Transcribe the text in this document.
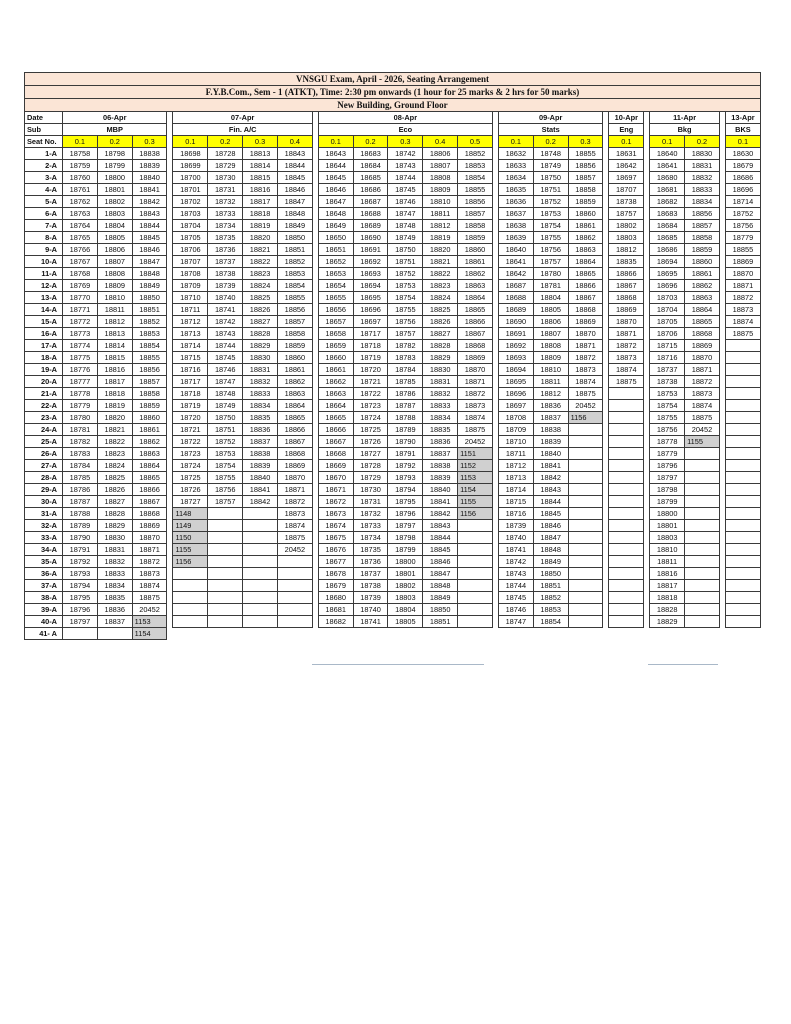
VNSGU Exam, April - 2026, Seating Arrangement																									
F.Y.B.Com., Sem - 1 (ATKT), Time: 2:30 pm onwards (1 hour for 25 marks & 2 hrs for 50 marks)																									
New Building, Ground Floor																									
Date	06-Apr				07-Apr					08-Apr						09-Apr				10-Apr		11-Apr			13-Apr
Sub	MBP				Fin. A/C					Eco						Stats				Eng		Bkg			BKS
Seat No.	0.1	0.2	0.3		0.1	0.2	0.3	0.4		0.1	0.2	0.3	0.4	0.5		0.1	0.2	0.3		0.1		0.1	0.2		0.1
1-A	18758	18798	18838		18698	18728	18813	18843		18643	18683	18742	18806	18852		18632	18748	18855		18631		18640	18830		18630
2-A	18759	18799	18839		18699	18729	18814	18844		18644	18684	18743	18807	18853		18633	18749	18856		18642		18641	18831		18679
3-A	18760	18800	18840		18700	18730	18815	18845		18645	18685	18744	18808	18854		18634	18750	18857		18697		18680	18832		18686
4-A	18761	18801	18841		18701	18731	18816	18846		18646	18686	18745	18809	18855		18635	18751	18858		18707		18681	18833		18696
5-A	18762	18802	18842		18702	18732	18817	18847		18647	18687	18746	18810	18856		18636	18752	18859		18738		18682	18834		18714
6-A	18763	18803	18843		18703	18733	18818	18848		18648	18688	18747	18811	18857		18637	18753	18860		18757		18683	18856		18752
7-A	18764	18804	18844		18704	18734	18819	18849		18649	18689	18748	18812	18858		18638	18754	18861		18802		18684	18857		18756
8-A	18765	18805	18845		18705	18735	18820	18850		18650	18690	18749	18819	18859		18639	18755	18862		18803		18685	18858		18779
9-A	18766	18806	18846		18706	18736	18821	18851		18651	18691	18750	18820	18860		18640	18756	18863		18812		18686	18859		18855
10-A	18767	18807	18847		18707	18737	18822	18852		18652	18692	18751	18821	18861		18641	18757	18864		18835		18694	18860		18869
11-A	18768	18808	18848		18708	18738	18823	18853		18653	18693	18752	18822	18862		18642	18780	18865		18866		18695	18861		18870
12-A	18769	18809	18849		18709	18739	18824	18854		18654	18694	18753	18823	18863		18687	18781	18866		18867		18696	18862		18871
13-A	18770	18810	18850		18710	18740	18825	18855		18655	18695	18754	18824	18864		18688	18804	18867		18868		18703	18863		18872
14-A	18771	18811	18851		18711	18741	18826	18856		18656	18696	18755	18825	18865		18689	18805	18868		18869		18704	18864		18873
15-A	18772	18812	18852		18712	18742	18827	18857		18657	18697	18756	18826	18866		18690	18806	18869		18870		18705	18865		18874
16-A	18773	18813	18853		18713	18743	18828	18858		18658	18717	18757	18827	18867		18691	18807	18870		18871		18706	18868		18875
17-A	18774	18814	18854		18714	18744	18829	18859		18659	18718	18782	18828	18868		18692	18808	18871		18872		18715	18869		
18-A	18775	18815	18855		18715	18745	18830	18860		18660	18719	18783	18829	18869		18693	18809	18872		18873		18716	18870		
19-A	18776	18816	18856		18716	18746	18831	18861		18661	18720	18784	18830	18870		18694	18810	18873		18874		18737	18871		
20-A	18777	18817	18857		18717	18747	18832	18862		18662	18721	18785	18831	18871		18695	18811	18874		18875		18738	18872		
21-A	18778	18818	18858		18718	18748	18833	18863		18663	18722	18786	18832	18872		18696	18812	18875				18753	18873		
22-A	18779	18819	18859		18719	18749	18834	18864		18664	18723	18787	18833	18873		18697	18836	20452				18754	18874		
23-A	18780	18820	18860		18720	18750	18835	18865		18665	18724	18788	18834	18874		18708	18837	1156				18755	18875		
24-A	18781	18821	18861		18721	18751	18836	18866		18666	18725	18789	18835	18875		18709	18838					18756	20452		
25-A	18782	18822	18862		18722	18752	18837	18867		18667	18726	18790	18836	20452		18710	18839					18778	1155		
26-A	18783	18823	18863		18723	18753	18838	18868		18668	18727	18791	18837	1151		18711	18840					18779			
27-A	18784	18824	18864		18724	18754	18839	18869		18669	18728	18792	18838	1152		18712	18841					18796			
28-A	18785	18825	18865		18725	18755	18840	18870		18670	18729	18793	18839	1153		18713	18842					18797			
29-A	18786	18826	18866		18726	18756	18841	18871		18671	18730	18794	18840	1154		18714	18843					18798			
30-A	18787	18827	18867		18727	18757	18842	18872		18672	18731	18795	18841	1155		18715	18844					18799			
31-A	18788	18828	18868		1148			18873		18673	18732	18796	18842	1156		18716	18845					18800			
32-A	18789	18829	18869		1149			18874		18674	18733	18797	18843			18739	18846					18801			
33-A	18790	18830	18870		1150			18875		18675	18734	18798	18844			18740	18847					18803			
34-A	18791	18831	18871		1155			20452		18676	18735	18799	18845			18741	18848					18810			
35-A	18792	18832	18872		1156					18677	18736	18800	18846			18742	18849					18811			
36-A	18793	18833	18873							18678	18737	18801	18847			18743	18850					18816			
37-A	18794	18834	18874							18679	18738	18802	18848			18744	18851					18817			
38-A	18795	18835	18875							18680	18739	18803	18849			18745	18852					18818			
39-A	18796	18836	20452							18681	18740	18804	18850			18746	18853					18828			
40-A	18797	18837	1153							18682	18741	18805	18851			18747	18854					18829			
41- A			1154																						
